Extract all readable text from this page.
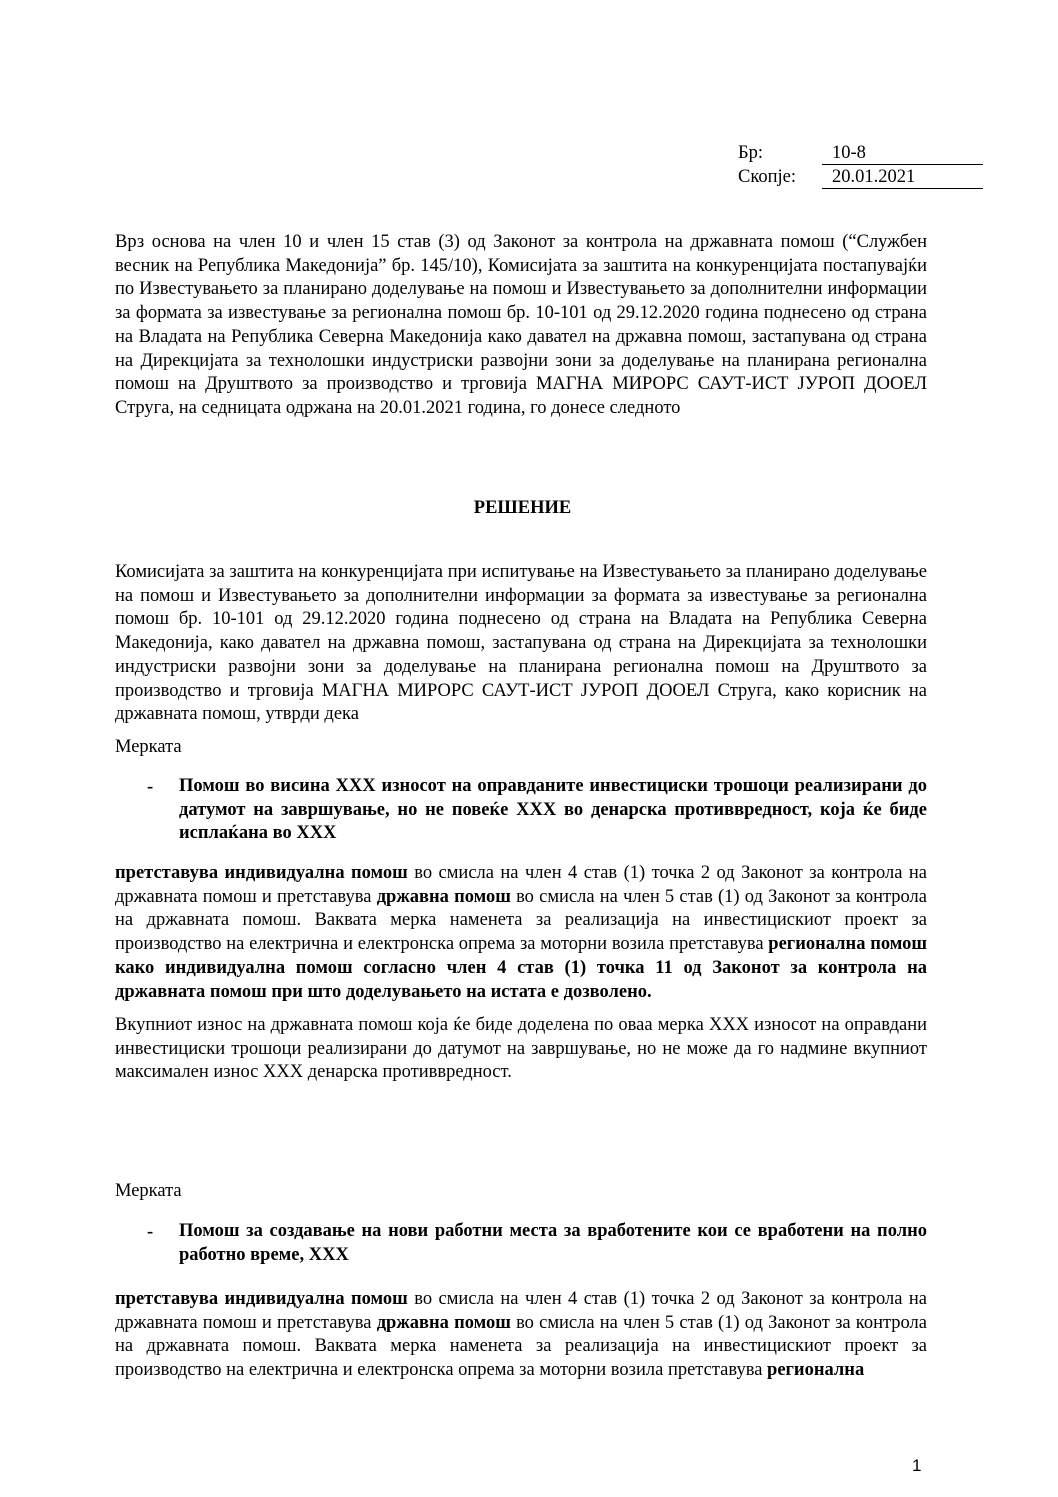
Бр:	10-8
Скопје:	20.01.2021
Врз основа на член 10 и член 15 став (3) од Законот за контрола на државната помош (“Службен весник на Република Македонија” бр. 145/10), Комисијата за заштита на конкуренцијата постапувајќи по Известувањето за планирано доделување на помош и Известувањето за дополнителни информации за формата за известување за регионална помош бр. 10-101 од 29.12.2020 година поднесено од страна на Владата на Република Северна Македонија како давател на државна помош, застапувана од страна на Дирекцијата за технолошки индустриски развојни зони за доделување на планирана регионална помош на Друштвото за производство и трговија МАГНА МИРОРС САУТ-ИСТ ЈУРОП ДООЕЛ Струга, на седницата одржана на 20.01.2021 година, го донесе следното
РЕШЕНИЕ
Комисијата за заштита на конкуренцијата при испитување на Известувањето за планирано доделување на помош и Известувањето за дополнителни информации за формата за известување за регионална помош бр. 10-101 од 29.12.2020 година поднесено од страна на Владата на Република Северна Македонија, како давател на државна помош, застапувана од страна на Дирекцијата за технолошки индустриски развојни зони за доделување на планирана регионална помош на Друштвото за производство и трговија МАГНА МИРОРС САУТ-ИСТ ЈУРОП ДООЕЛ Струга, како корисник на државната помош, утврди дека
Мерката
-	Помош во висина XXX износот на оправданите инвестициски трошоци реализирани до датумот на завршување, но не повеќе XXX во денарска противвредност, која ќе биде исплаќана во XXX
претставува индивидуална помош во смисла на член 4 став (1) точка 2 од Законот за контрола на државната помош и претставува државна помош во смисла на член 5 став (1) од Законот за контрола на државната помош. Ваквата мерка наменета за реализација на инвестицискиот проект за производство на електрична и електронска опрема за моторни возила претставува регионална помош како индивидуална помош согласно член 4 став (1) точка 11 од Законот за контрола на државната помош при што доделувањето на истата е дозволено.
Вкупниот износ на државната помош која ќе биде доделена по оваа мерка XXX износот на оправдани инвестициски трошоци реализирани до датумот на завршување, но не може да го надмине вкупниот максимален износ XXX денарска противвредност.
Мерката
-	Помош за создавање на нови работни места за вработените кои се вработени на полно работно време, XXX
претставува индивидуална помош во смисла на член 4 став (1) точка 2 од Законот за контрола на државната помош и претставува државна помош во смисла на член 5 став (1) од Законот за контрола на државната помош. Ваквата мерка наменета за реализација на инвестицискиот проект за производство на електрична и електронска опрема за моторни возила претставува регионална
1
